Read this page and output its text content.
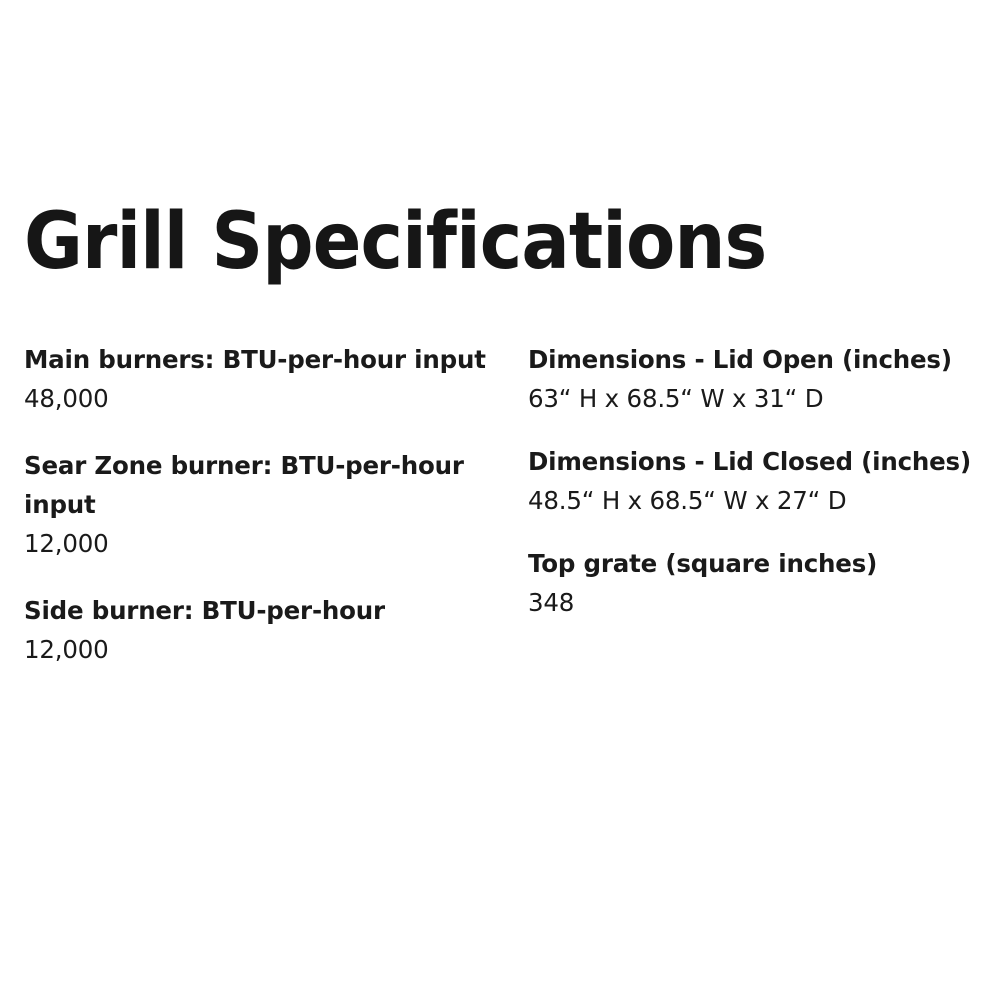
Grill Specifications
Main burners: BTU-per-hour input
48,000
Sear Zone burner: BTU-per-hour input
12,000
Side burner: BTU-per-hour
12,000
Dimensions - Lid Open (inches)
63“ H x 68.5“ W x 31“ D
Dimensions - Lid Closed (inches)
48.5“ H x 68.5“ W x 27“ D
Top grate (square inches)
348
